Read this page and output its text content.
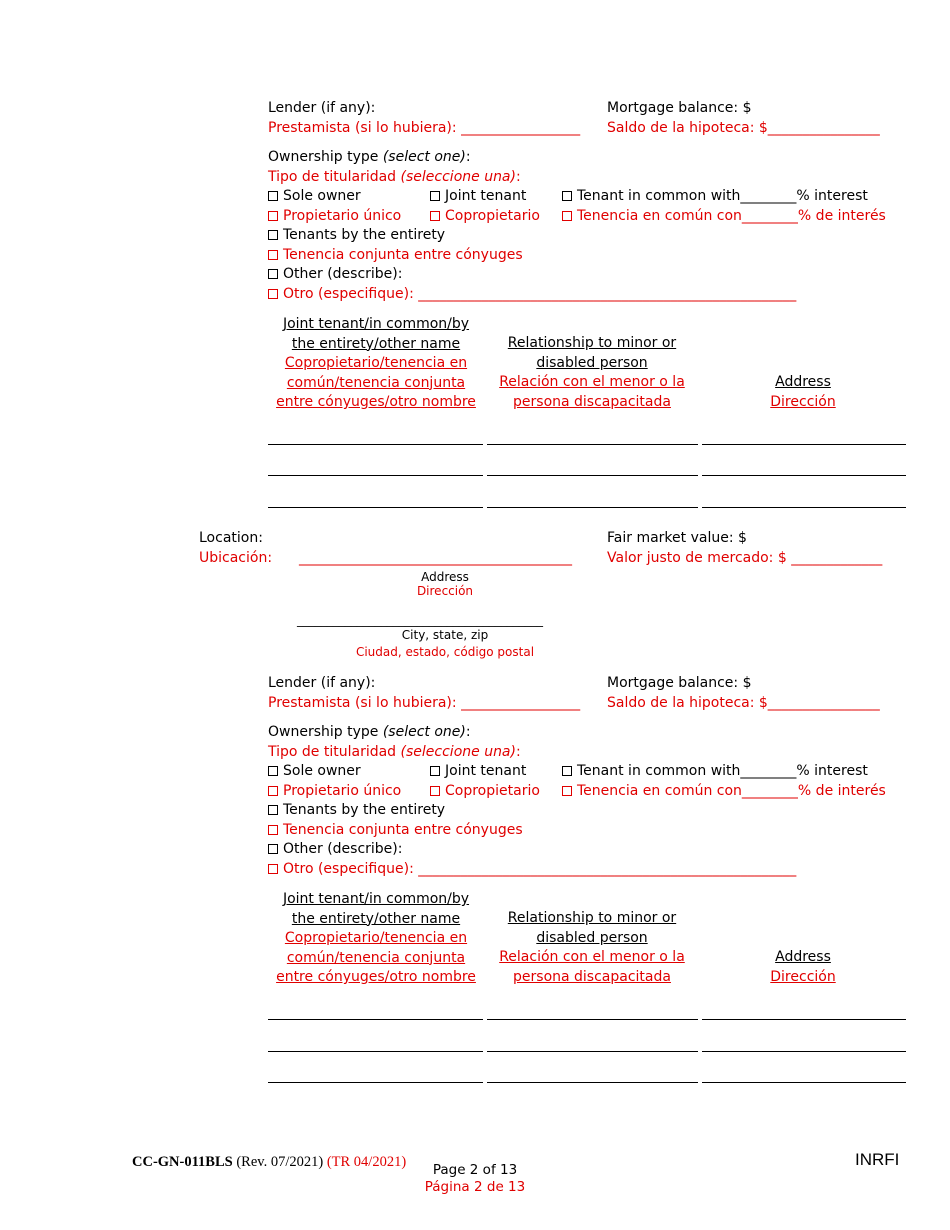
Lender (if any):
Prestamista (si lo hubiera): _________________
Mortgage balance: $
Saldo de la hipoteca: $________________
Ownership type (select one):
Tipo de titularidad (seleccione una):
Sole owner
Propietario único
Joint tenant
Copropietario
Tenant in common with________% interest
Tenencia en común con________% de interés
Tenants by the entirety
Tenencia conjunta entre cónyuges
Other (describe):
Otro (especifique): ______________________________________________________
Joint tenant/in common/by
the entirety/other name
Copropietario/tenencia en
común/tenencia conjunta
entre cónyuges/otro nombre
Relationship to minor or
disabled person
Relación con el menor o la
persona discapacitada
Address
Dirección
Location:
Ubicación: _______________________________________
Fair market value: $
Valor justo de mercado: $ _____________
Address
Dirección
_________________________________________
City, state, zip
Ciudad, estado, código postal
Lender (if any):
Prestamista (si lo hubiera): _________________
Mortgage balance: $
Saldo de la hipoteca: $________________
Ownership type (select one):
Tipo de titularidad (seleccione una):
Sole owner
Propietario único
Joint tenant
Copropietario
Tenant in common with________% interest
Tenencia en común con________% de interés
Tenants by the entirety
Tenencia conjunta entre cónyuges
Other (describe):
Otro (especifique): ______________________________________________________
Joint tenant/in common/by
the entirety/other name
Copropietario/tenencia en
común/tenencia conjunta
entre cónyuges/otro nombre
Relationship to minor or
disabled person
Relación con el menor o la
persona discapacitada
Address
Dirección
CC-GN-011BLS (Rev. 07/2021) (TR 04/2021)	Page 2 of 13
Página 2 de 13
INRFI
